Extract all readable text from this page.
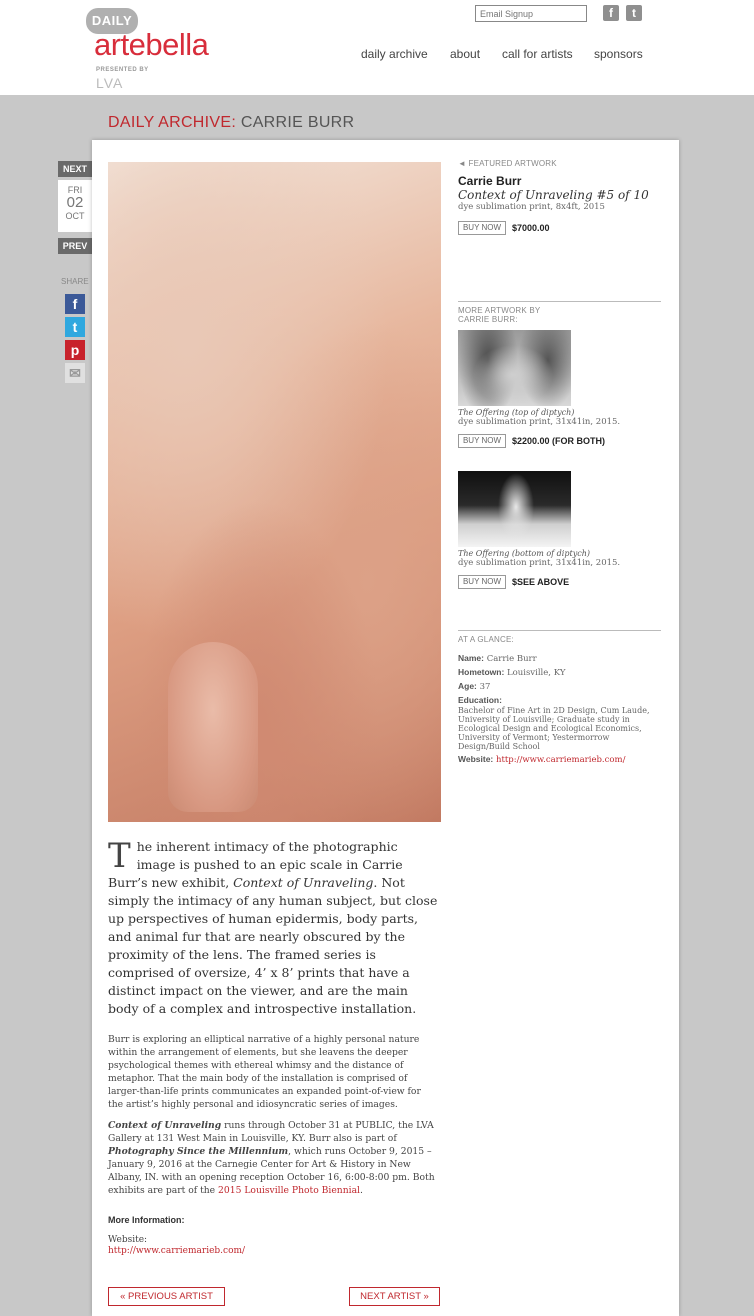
DAILY
artebella
PRESENTED BY
LVA
Email Signup
f	t
daily archive about call for artists sponsors
DAILY ARCHIVE: CARRIE BURR
NEXT
FRI
02
OCT
PREV
SHARE
f
t
p
✉
The inherent intimacy of the photographic image is pushed to an epic scale in Carrie Burr’s new exhibit, Context of Unraveling. Not simply the intimacy of any human subject, but close up perspectives of human epidermis, body parts, and animal fur that are nearly obscured by the proximity of the lens. The framed series is comprised of oversize, 4’ x 8’ prints that have a distinct impact on the viewer, and are the main body of a complex and introspective installation.

Burr is exploring an elliptical narrative of a highly personal nature within the arrangement of elements, but she leavens the deeper psychological themes with ethereal whimsy and the distance of metaphor. That the main body of the installation is comprised of larger-than-life prints communicates an expanded point-of-view for the artist’s highly personal and idiosyncratic series of images.

Context of Unraveling runs through October 31 at PUBLIC, the LVA Gallery at 131 West Main in Louisville, KY. Burr also is part of Photography Since the Millennium, which runs October 9, 2015 – January 9, 2016 at the Carnegie Center for Art & History in New Albany, IN. with an opening reception October 16, 6:00-8:00 pm. Both exhibits are part of the 2015 Louisville Photo Biennial.

More Information:
Website:
http://www.carriemarieb.com/
« PREVIOUS ARTIST	NEXT ARTIST »
◄ FEATURED ARTWORK
Carrie Burr
Context of Unraveling #5 of 10
dye sublimation print, 8x4ft, 2015
BUY NOW $7000.00
MORE ARTWORK BY
CARRIE BURR:
The Offering (top of diptych)
dye sublimation print, 31x41in, 2015.
BUY NOW $2200.00 (FOR BOTH)
The Offering (bottom of diptych)
dye sublimation print, 31x41in, 2015.
BUY NOW $SEE ABOVE
AT A GLANCE:
Name: Carrie Burr
Hometown: Louisville, KY
Age: 37
Education:
Bachelor of Fine Art in 2D Design, Cum Laude, University of Louisville; Graduate study in Ecological Design and Ecological Economics, University of Vermont; Yestermorrow Design/Build School
Website: http://www.carriemarieb.com/
